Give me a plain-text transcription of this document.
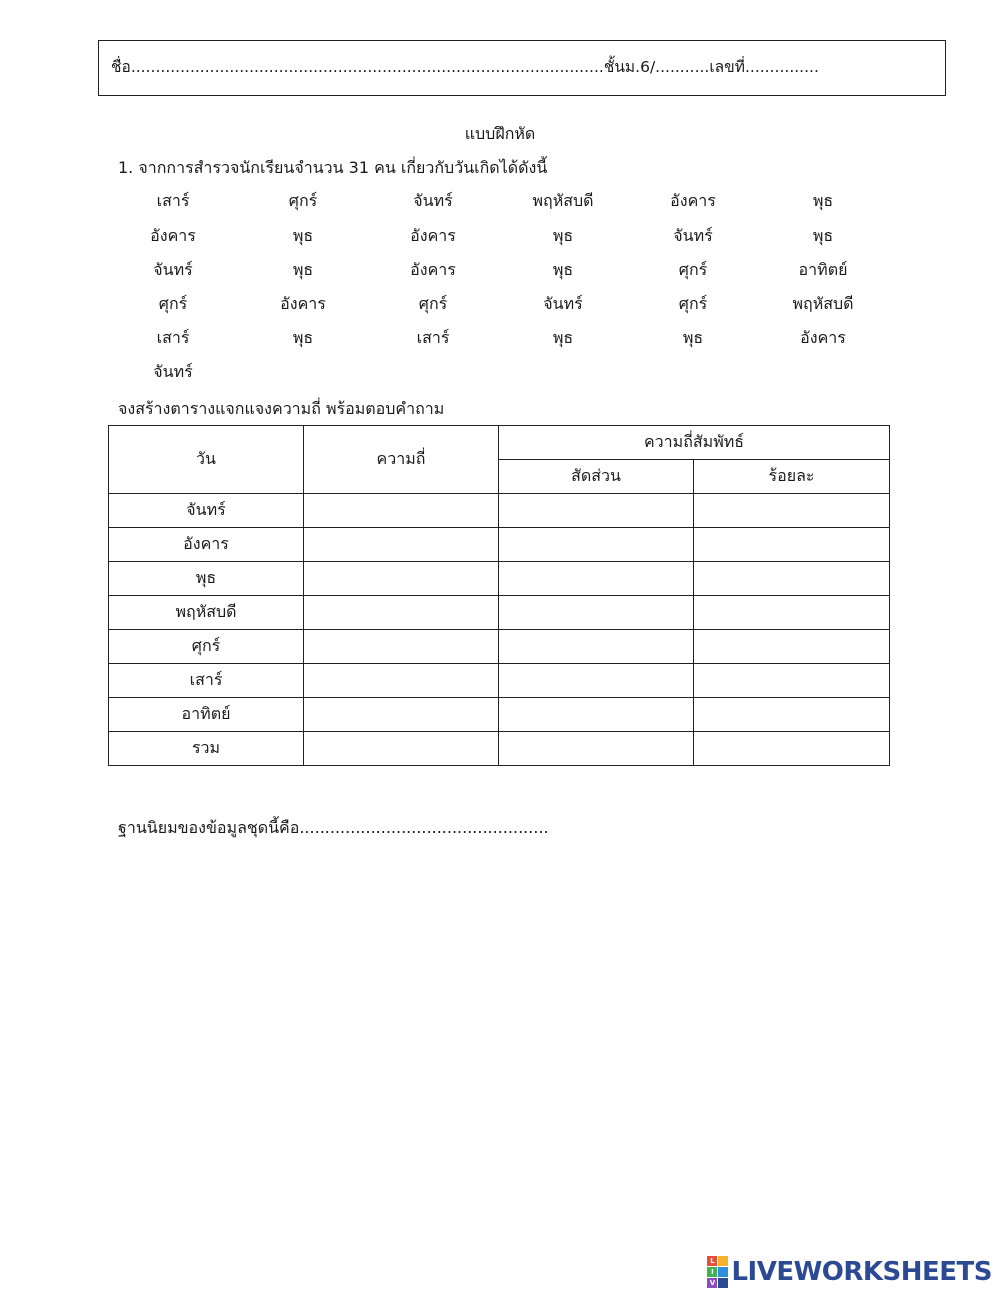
ชื่อ................................................................................................ชั้นม.6/...........เลขที่...............
แบบฝึกหัด
1. จากการสำรวจนักเรียนจำนวน 31 คน เกี่ยวกับวันเกิดได้ดังนี้
เสาร์	ศุกร์	จันทร์	พฤหัสบดี	อังคาร	พุธ
อังคาร	พุธ	อังคาร	พุธ	จันทร์	พุธ
จันทร์	พุธ	อังคาร	พุธ	ศุกร์	อาทิตย์
ศุกร์	อังคาร	ศุกร์	จันทร์	ศุกร์	พฤหัสบดี
เสาร์	พุธ	เสาร์	พุธ	พุธ	อังคาร
จันทร์
จงสร้างตารางแจกแจงความถี่ พร้อมตอบคำถาม
วัน	ความถี่	ความถี่สัมพัทธ์	
		สัดส่วน	ร้อยละ
จันทร์			
อังคาร			
พุธ			
พฤหัสบดี			
ศุกร์			
เสาร์			
อาทิตย์			
รวม			
ฐานนิยมของข้อมูลชุดนี้คือ.................................................
L
I
V LIVEWORKSHEETS
